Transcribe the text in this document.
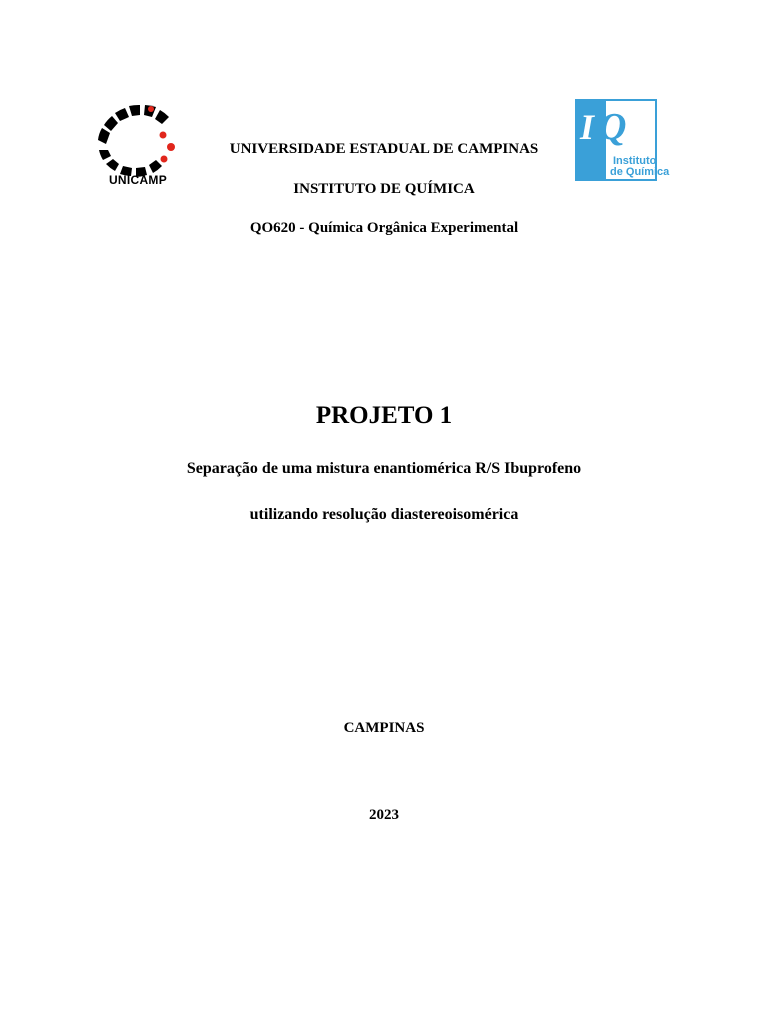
UNICAMP
I Q
Instituto
de Química
UNIVERSIDADE ESTADUAL DE CAMPINAS
INSTITUTO DE QUÍMICA
QO620 - Química Orgânica Experimental
PROJETO 1
Separação de uma mistura enantiomérica R/S Ibuprofeno
utilizando resolução diastereoisomérica
CAMPINAS
2023
